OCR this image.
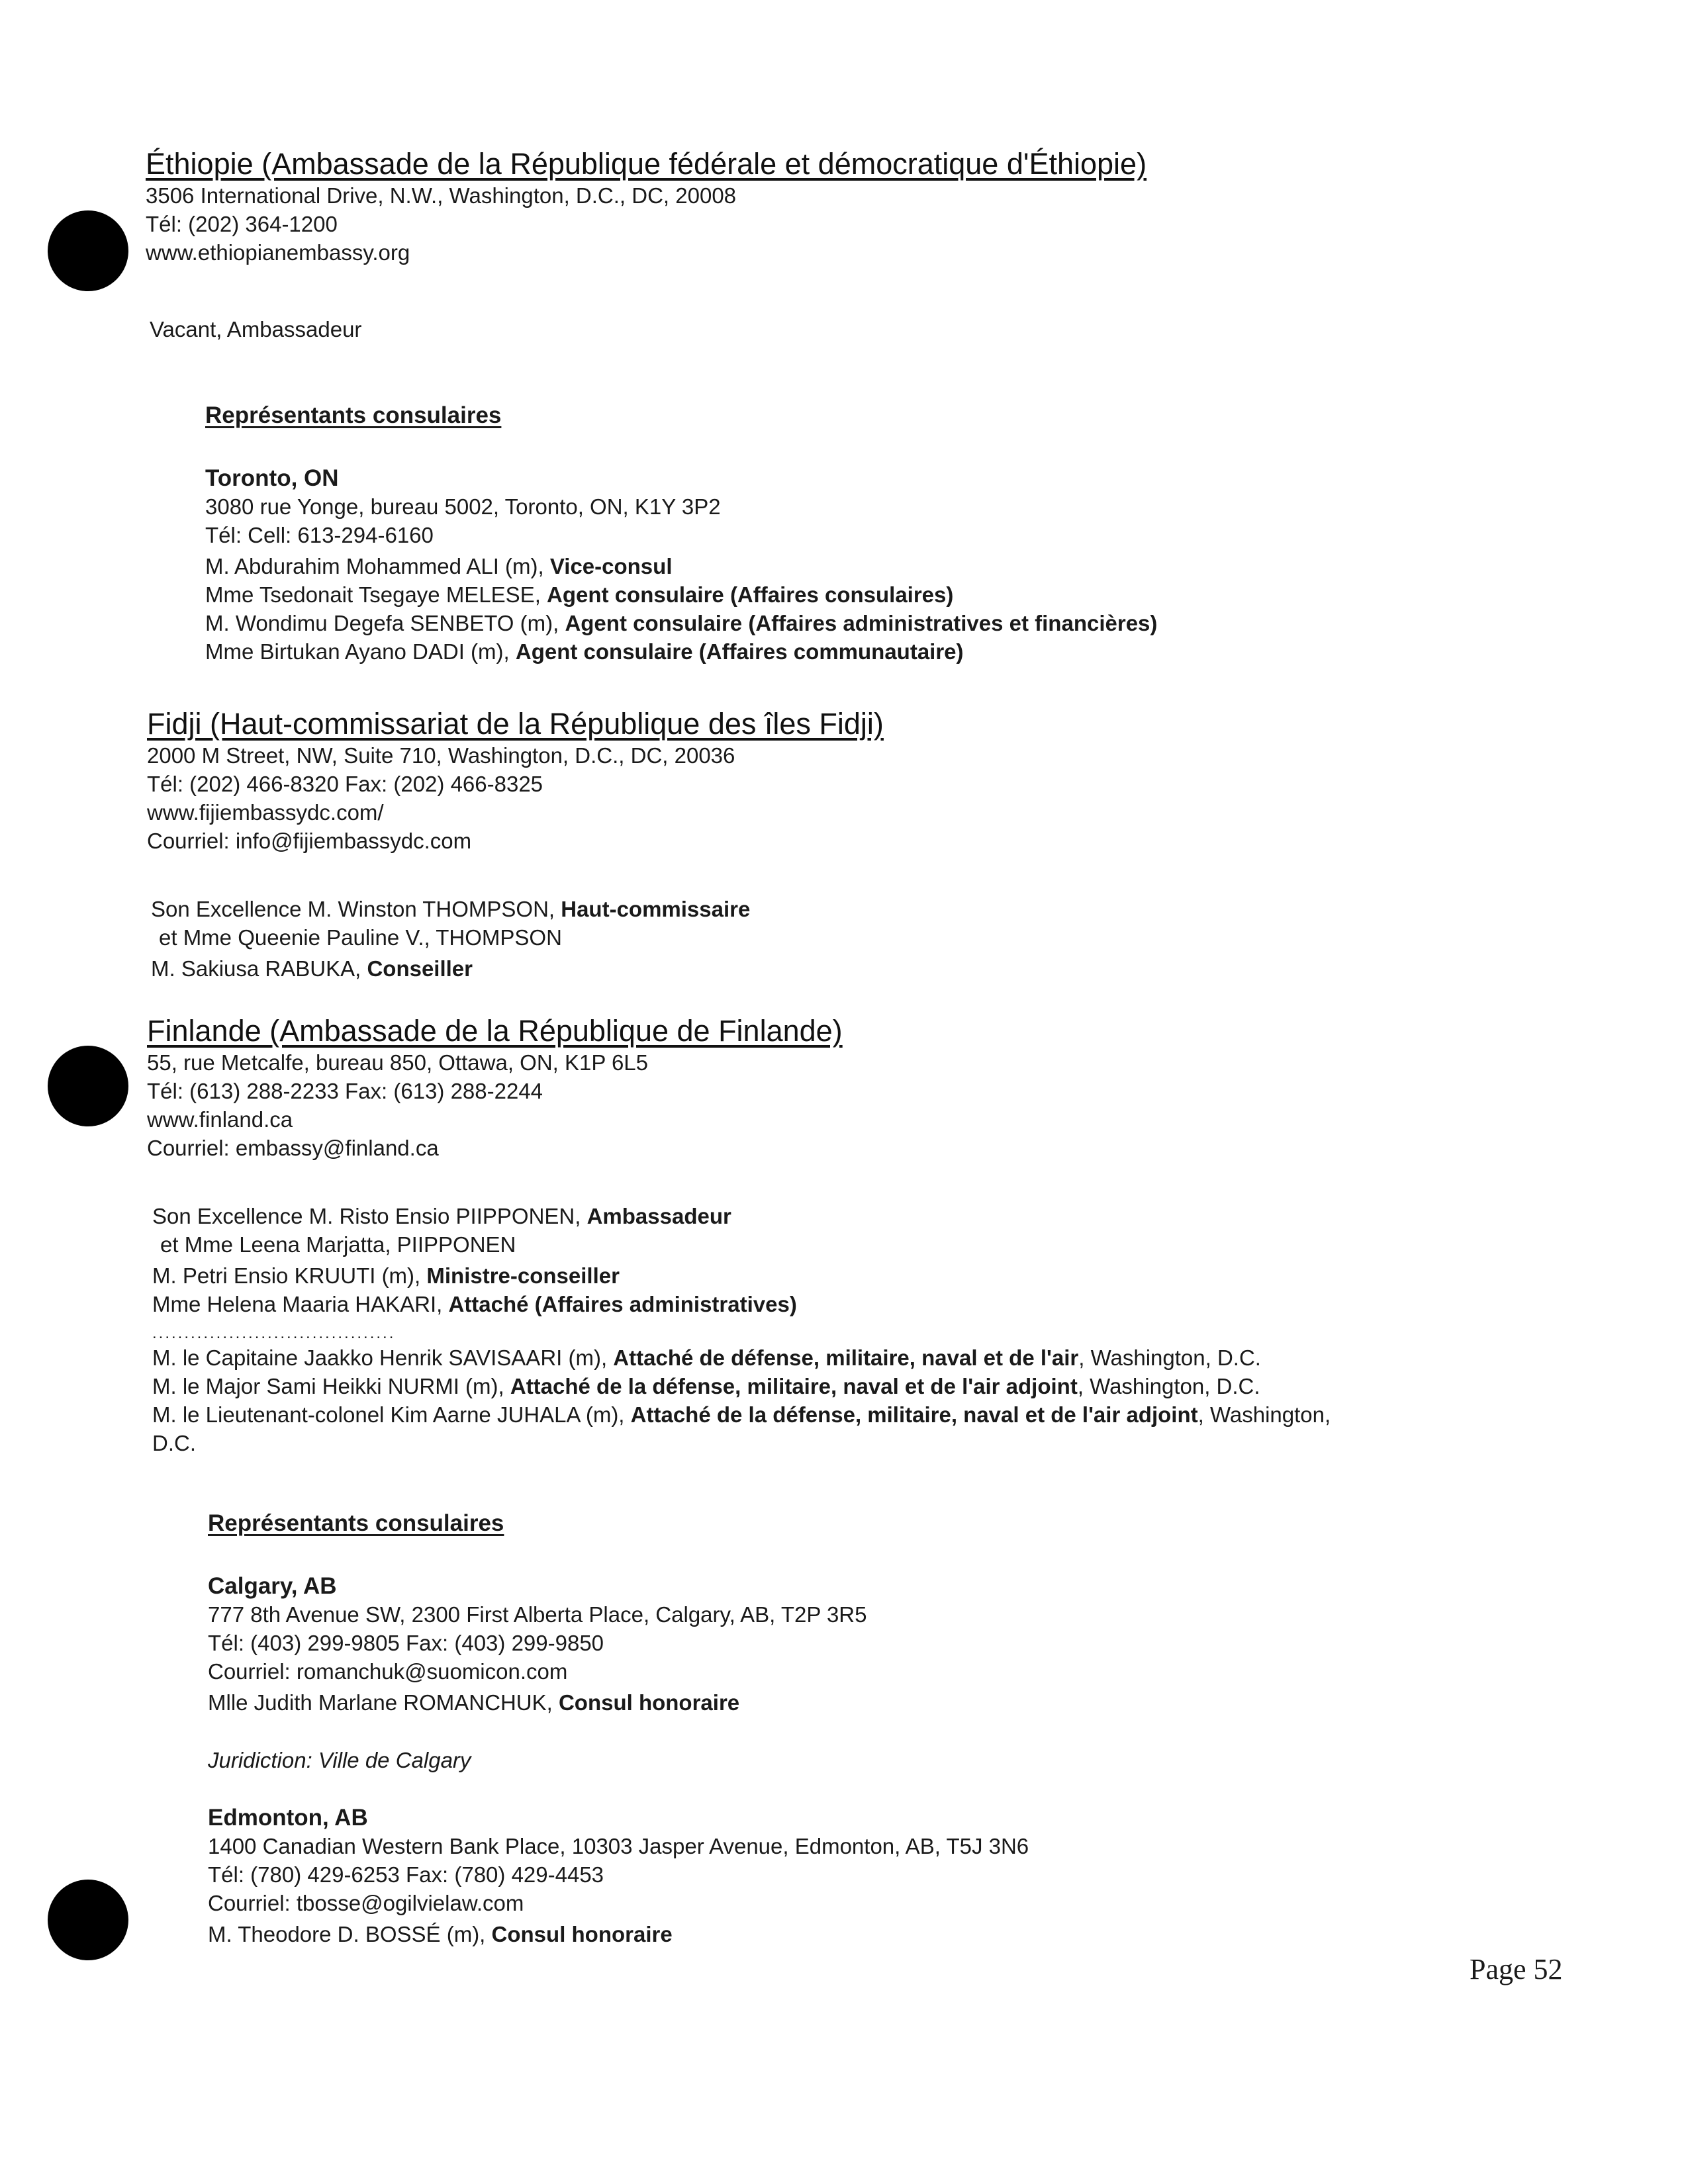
Éthiopie (Ambassade de la République fédérale et démocratique d'Éthiopie)
3506 International Drive, N.W., Washington, D.C., DC, 20008
Tél: (202) 364-1200
www.ethiopianembassy.org
Vacant, Ambassadeur
Représentants consulaires
Toronto, ON
3080 rue Yonge, bureau 5002, Toronto, ON, K1Y 3P2
Tél: Cell: 613-294-6160
M. Abdurahim Mohammed ALI (m), Vice-consul
Mme Tsedonait Tsegaye MELESE, Agent consulaire (Affaires consulaires)
M. Wondimu Degefa SENBETO (m), Agent consulaire (Affaires administratives et financières)
Mme Birtukan Ayano DADI (m), Agent consulaire (Affaires communautaire)
Fidji (Haut-commissariat de la République des îles Fidji)
2000 M Street, NW, Suite 710, Washington, D.C., DC, 20036
Tél: (202) 466-8320 Fax: (202) 466-8325
www.fijiembassydc.com/
Courriel: info@fijiembassydc.com
Son Excellence M. Winston THOMPSON, Haut-commissaire
et Mme Queenie Pauline V., THOMPSON
M. Sakiusa RABUKA, Conseiller
Finlande (Ambassade de la République de Finlande)
55, rue Metcalfe, bureau 850, Ottawa, ON, K1P 6L5
Tél: (613) 288-2233 Fax: (613) 288-2244
www.finland.ca
Courriel: embassy@finland.ca
Son Excellence M. Risto Ensio PIIPPONEN, Ambassadeur
et Mme Leena Marjatta, PIIPPONEN
M. Petri Ensio KRUUTI (m), Ministre-conseiller
Mme Helena Maaria HAKARI, Attaché (Affaires administratives)
......................................
M. le Capitaine Jaakko Henrik SAVISAARI (m), Attaché de défense, militaire, naval et de l'air, Washington, D.C.
M. le Major Sami Heikki NURMI (m), Attaché de la défense, militaire, naval et de l'air adjoint, Washington, D.C.
M. le Lieutenant-colonel Kim Aarne JUHALA (m), Attaché de la défense, militaire, naval et de l'air adjoint, Washington,
D.C.
Représentants consulaires
Calgary, AB
777 8th Avenue SW, 2300 First Alberta Place, Calgary, AB, T2P 3R5
Tél: (403) 299-9805 Fax: (403) 299-9850
Courriel: romanchuk@suomicon.com
Mlle Judith Marlane ROMANCHUK, Consul honoraire
Juridiction: Ville de Calgary
Edmonton, AB
1400 Canadian Western Bank Place, 10303 Jasper Avenue, Edmonton, AB, T5J 3N6
Tél: (780) 429-6253 Fax: (780) 429-4453
Courriel: tbosse@ogilvielaw.com
M. Theodore D. BOSSÉ (m), Consul honoraire
Page 52
